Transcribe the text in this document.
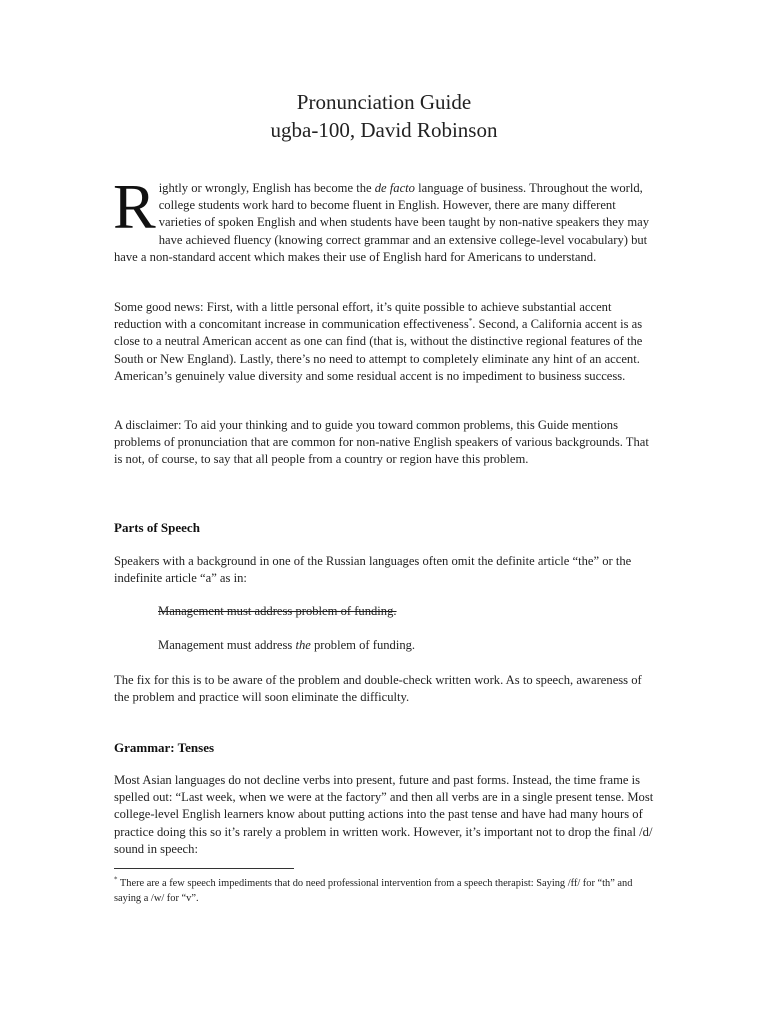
Pronunciation Guide
ugba-100, David Robinson

Rightly or wrongly, English has become the de facto language of business. Throughout the world, college students work hard to become fluent in English. However, there are many different varieties of spoken English and when students have been taught by non-native speakers they may have achieved fluency (knowing correct grammar and an extensive college-level vocabulary) but have a non-standard accent which makes their use of English hard for Americans to understand.

Some good news: First, with a little personal effort, it’s quite possible to achieve substantial accent reduction with a concomitant increase in communication effectiveness*. Second, a California accent is as close to a neutral American accent as one can find (that is, without the distinctive regional features of the South or New England). Lastly, there’s no need to attempt to completely eliminate any hint of an accent. American’s genuinely value diversity and some residual accent is no impediment to business success.

A disclaimer: To aid your thinking and to guide you toward common problems, this Guide mentions problems of pronunciation that are common for non-native English speakers of various backgrounds. That is not, of course, to say that all people from a country or region have this problem.

Parts of Speech

Speakers with a background in one of the Russian languages often omit the definite article “the” or the indefinite article “a” as in:

Management must address problem of funding.
Management must address the problem of funding.

The fix for this is to be aware of the problem and double-check written work. As to speech, awareness of the problem and practice will soon eliminate the difficulty.

Grammar: Tenses

Most Asian languages do not decline verbs into present, future and past forms. Instead, the time frame is spelled out: “Last week, when we were at the factory” and then all verbs are in a single present tense. Most college-level English learners know about putting actions into the past tense and have had many hours of practice doing this so it’s rarely a problem in written work. However, it’s important not to drop the final /d/ sound in speech:

* There are a few speech impediments that do need professional intervention from a speech therapist: Saying /ff/ for “th” and saying a /w/ for “v”.
